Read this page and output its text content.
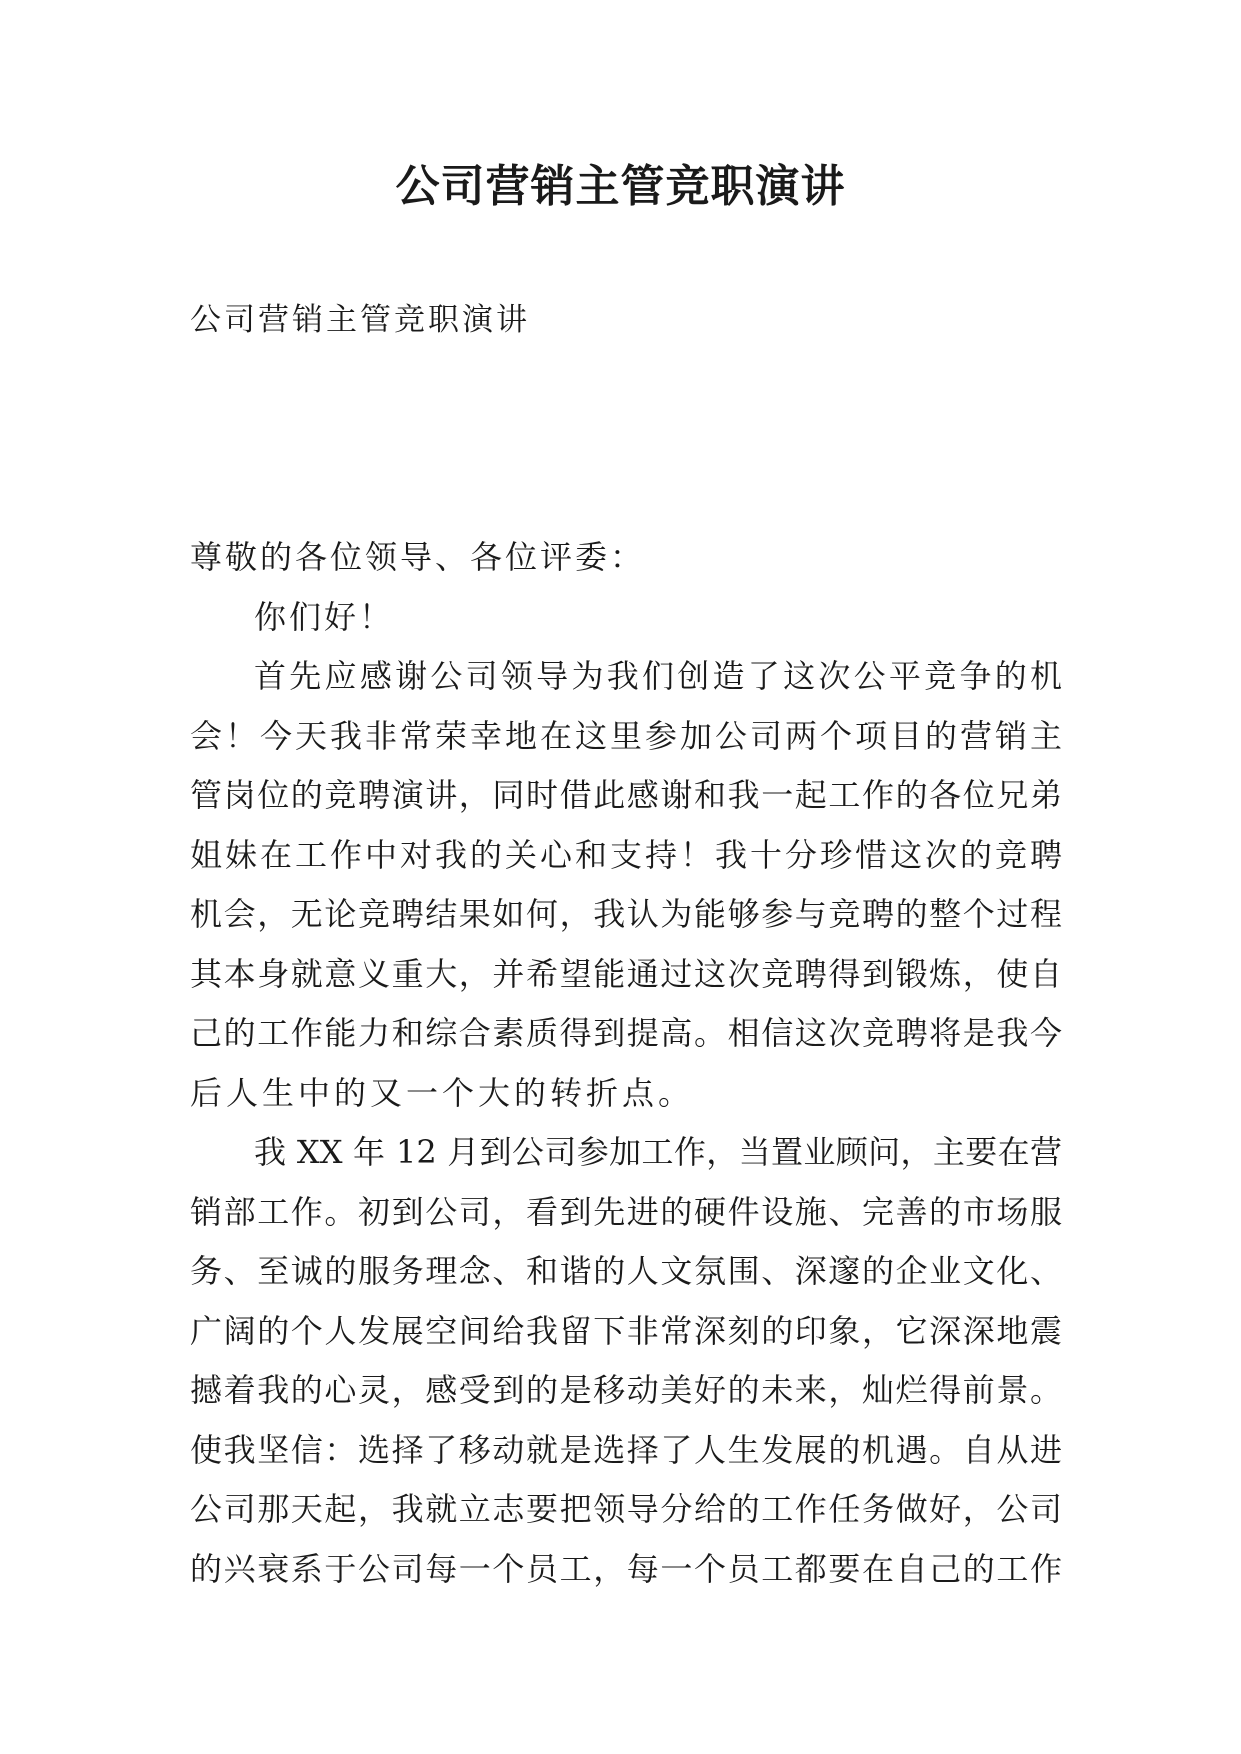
公司营销主管竞职演讲
公司营销主管竞职演讲
尊敬的各位领导、各位评委：
你们好！
首先应感谢公司领导为我们创造了这次公平竞争的机
会！今天我非常荣幸地在这里参加公司两个项目的营销主
管岗位的竞聘演讲，同时借此感谢和我一起工作的各位兄弟
姐妹在工作中对我的关心和支持！我十分珍惜这次的竞聘
机会，无论竞聘结果如何，我认为能够参与竞聘的整个过程
其本身就意义重大，并希望能通过这次竞聘得到锻炼，使自
己的工作能力和综合素质得到提高。相信这次竞聘将是我今
后人生中的又一个大的转折点。
我 XX 年 12 月到公司参加工作，当置业顾问，主要在营
销部工作。初到公司，看到先进的硬件设施、完善的市场服
务、至诚的服务理念、和谐的人文氛围、深邃的企业文化、
广阔的个人发展空间给我留下非常深刻的印象，它深深地震
撼着我的心灵，感受到的是移动美好的未来，灿烂得前景。
使我坚信：选择了移动就是选择了人生发展的机遇。自从进
公司那天起，我就立志要把领导分给的工作任务做好，公司
的兴衰系于公司每一个员工，每一个员工都要在自己的工作
